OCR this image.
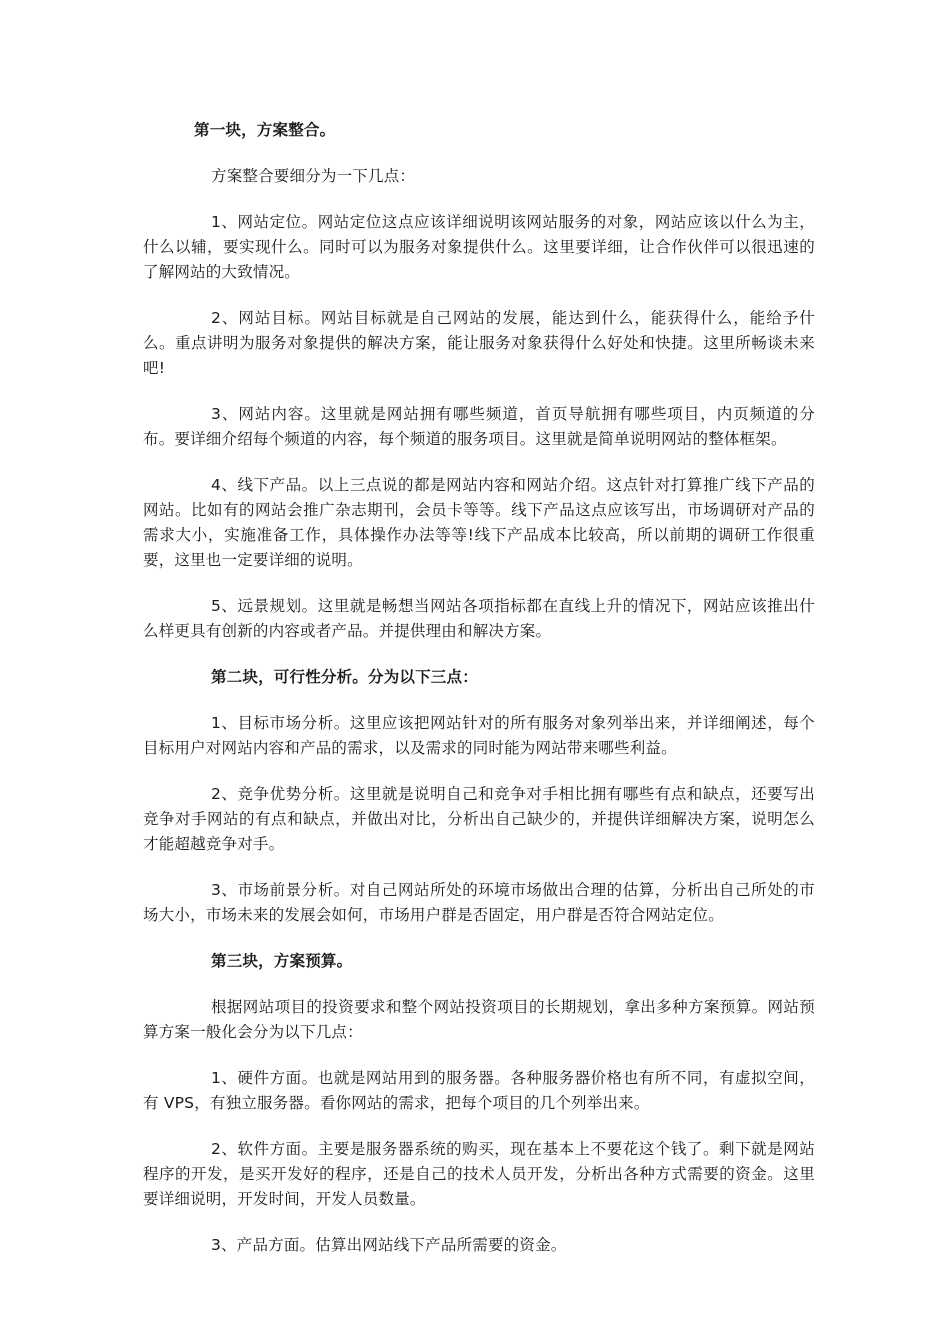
第一块，方案整合。

方案整合要细分为一下几点：

1、网站定位。网站定位这点应该详细说明该网站服务的对象，网站应该以什么为主，什么以辅，要实现什么。同时可以为服务对象提供什么。这里要详细，让合作伙伴可以很迅速的了解网站的大致情况。

2、网站目标。网站目标就是自己网站的发展，能达到什么，能获得什么，能给予什么。重点讲明为服务对象提供的解决方案，能让服务对象获得什么好处和快捷。这里所畅谈未来吧!

3、网站内容。这里就是网站拥有哪些频道，首页导航拥有哪些项目，内页频道的分布。要详细介绍每个频道的内容，每个频道的服务项目。这里就是简单说明网站的整体框架。

4、线下产品。以上三点说的都是网站内容和网站介绍。这点针对打算推广线下产品的网站。比如有的网站会推广杂志期刊，会员卡等等。线下产品这点应该写出，市场调研对产品的需求大小，实施准备工作，具体操作办法等等!线下产品成本比较高，所以前期的调研工作很重要，这里也一定要详细的说明。

5、远景规划。这里就是畅想当网站各项指标都在直线上升的情况下，网站应该推出什么样更具有创新的内容或者产品。并提供理由和解决方案。

第二块，可行性分析。分为以下三点：

1、目标市场分析。这里应该把网站针对的所有服务对象列举出来，并详细阐述，每个目标用户对网站内容和产品的需求，以及需求的同时能为网站带来哪些利益。

2、竞争优势分析。这里就是说明自己和竞争对手相比拥有哪些有点和缺点，还要写出竞争对手网站的有点和缺点，并做出对比，分析出自己缺少的，并提供详细解决方案，说明怎么才能超越竞争对手。

3、市场前景分析。对自己网站所处的环境市场做出合理的估算，分析出自己所处的市场大小，市场未来的发展会如何，市场用户群是否固定，用户群是否符合网站定位。

第三块，方案预算。

根据网站项目的投资要求和整个网站投资项目的长期规划，拿出多种方案预算。网站预算方案一般化会分为以下几点：

1、硬件方面。也就是网站用到的服务器。各种服务器价格也有所不同，有虚拟空间，有 VPS，有独立服务器。看你网站的需求，把每个项目的几个列举出来。

2、软件方面。主要是服务器系统的购买，现在基本上不要花这个钱了。剩下就是网站程序的开发，是买开发好的程序，还是自己的技术人员开发，分析出各种方式需要的资金。这里要详细说明，开发时间，开发人员数量。

3、产品方面。估算出网站线下产品所需要的资金。
